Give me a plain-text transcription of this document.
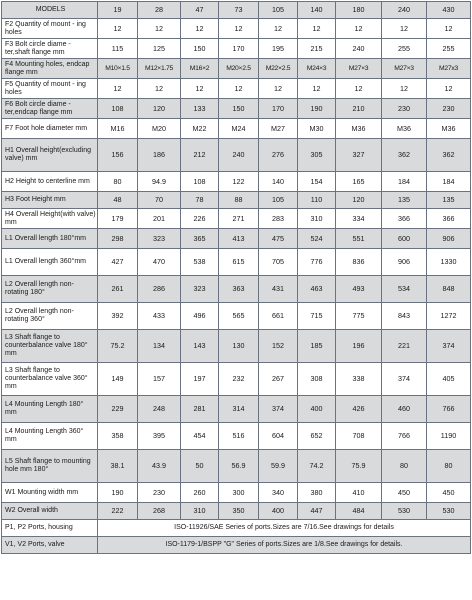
MODELS	19	28	47	73	105	140	180	240	430
F2 Quantity of mount - ing holes	12	12	12	12	12	12	12	12	12
F3 Bolt circle diame - ter,shaft flange mm	115	125	150	170	195	215	240	255	255
F4 Mounting holes, endcap flange mm	M10×1.5	M12×1.75	M16×2	M20×2.5	M22×2.5	M24×3	M27×3	M27×3	M27x3
F5 Quantity of mount - ing holes	12	12	12	12	12	12	12	12	12
F6 Bolt circle diame - ter,endcap flange mm	108	120	133	150	170	190	210	230	230
F7 Foot hole diameter mm	M16	M20	M22	M24	M27	M30	M36	M36	M36
H1 Overall height(excluding valve) mm	156	186	212	240	276	305	327	362	362
H2 Height to centerline mm	80	94.9	108	122	140	154	165	184	184
H3 Foot Height mm	48	70	78	88	105	110	120	135	135
H4 Overall Height(with valve) mm	179	201	226	271	283	310	334	366	366
L1 Overall length 180°mm	298	323	365	413	475	524	551	600	906
L1 Overall length 360°mm	427	470	538	615	705	776	836	906	1330
L2 Overall length non-rotating 180°	261	286	323	363	431	463	493	534	848
L2 Overall length non-rotating 360°	392	433	496	565	661	715	775	843	1272
L3 Shaft flange to counterbalance valve 180° mm	75.2	134	143	130	152	185	196	221	374
L3 Shaft flange to counterbalance valve 360° mm	149	157	197	232	267	308	338	374	405
L4 Mounting Length 180° mm	229	248	281	314	374	400	426	460	766
L4 Mounting Length 360° mm	358	395	454	516	604	652	708	766	1190
L5 Shaft flange to mounting hole mm 180°	38.1	43.9	50	56.9	59.9	74.2	75.9	80	80
W1 Mounting width mm	190	230	260	300	340	380	410	450	450
W2 Overall width	222	268	310	350	400	447	484	530	530
P1, P2 Ports, housing	ISO-11926/SAE Series of ports.Sizes are 7/16.See drawings for details								
V1, V2 Ports, valve	ISO-1179-1/BSPP "G" Series of ports.Sizes are 1/8.See drawings for details.								
